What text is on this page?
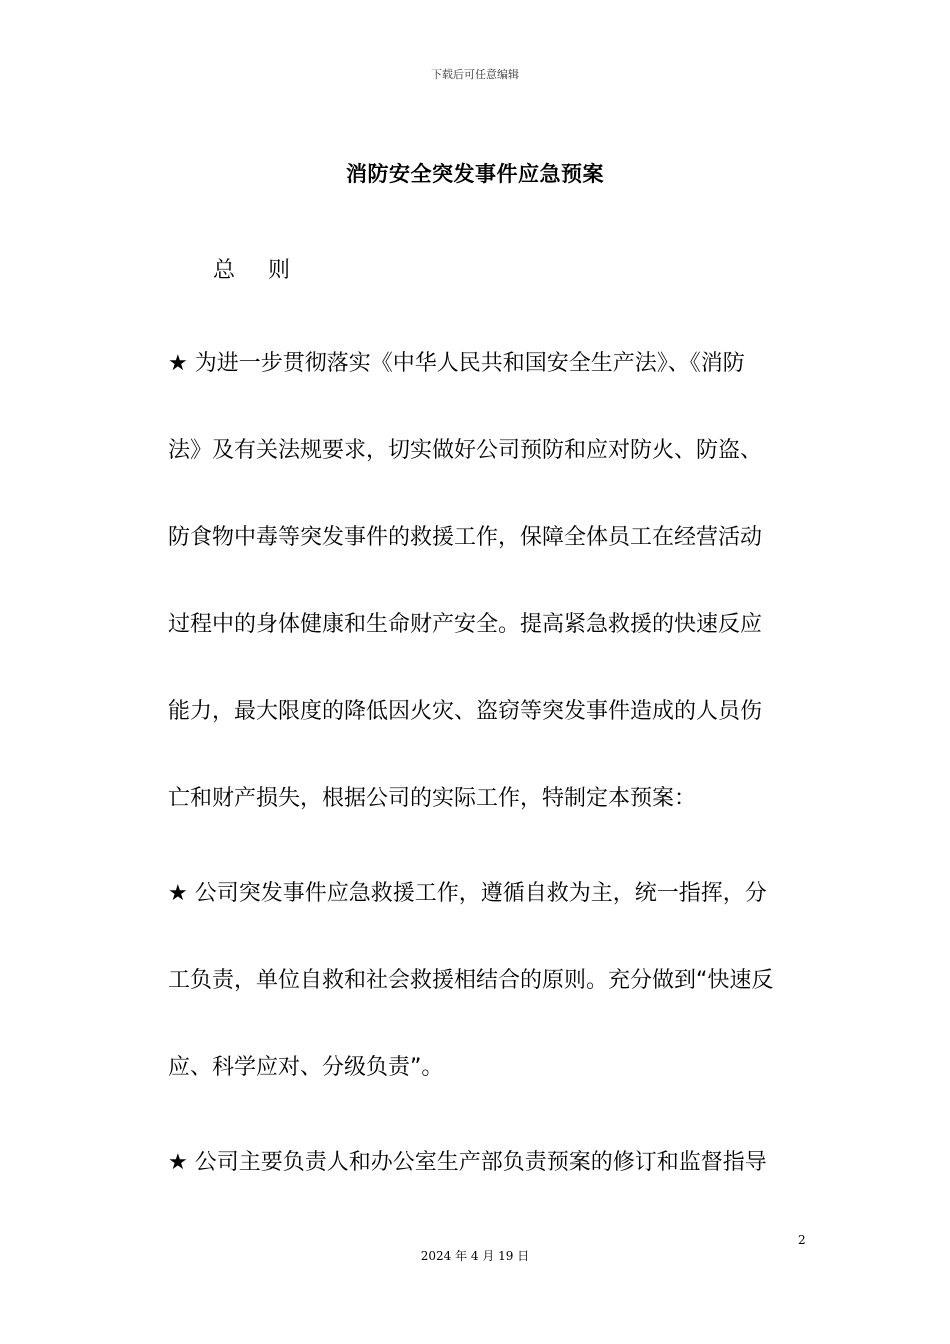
下载后可任意编辑
消防安全突发事件应急预案
总    则
★ 为进一步贯彻落实《中华人民共和国安全生产法》、《消防
法》及有关法规要求，切实做好公司预防和应对防火、防盗、
防食物中毒等突发事件的救援工作，保障全体员工在经营活动
过程中的身体健康和生命财产安全。提高紧急救援的快速反应
能力，最大限度的降低因火灾、盗窃等突发事件造成的人员伤
亡和财产损失，根据公司的实际工作，特制定本预案：
★ 公司突发事件应急救援工作，遵循自救为主，统一指挥，分
工负责，单位自救和社会救援相结合的原则。充分做到“快速反
应、科学应对、分级负责”。
★ 公司主要负责人和办公室生产部负责预案的修订和监督指导
2
2024 年 4 月 19 日
